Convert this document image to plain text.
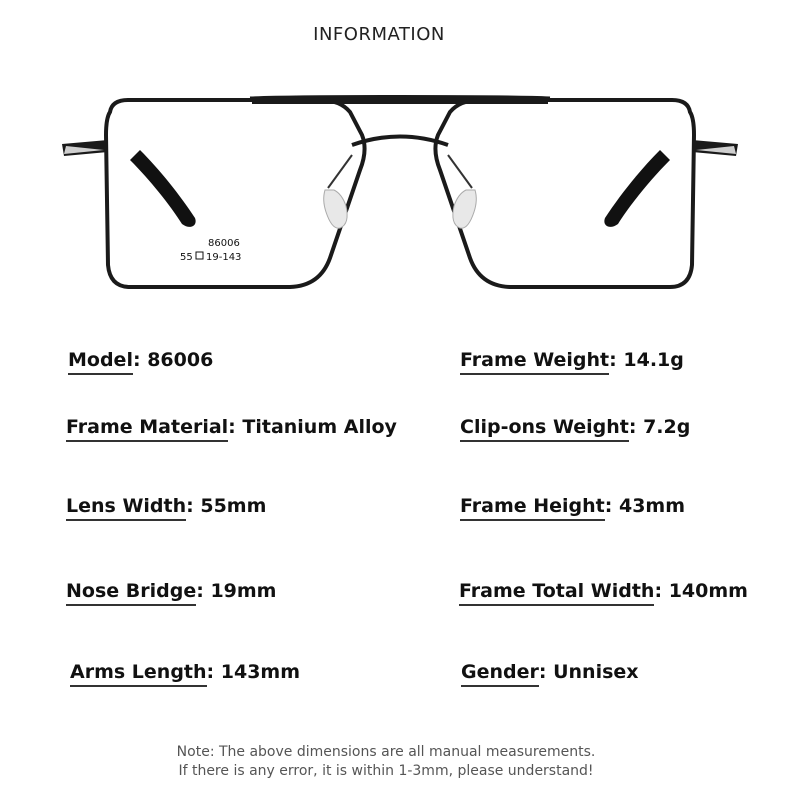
INFORMATION
86006
55 19-143
Model: 86006
Frame Material: Titanium Alloy
Lens Width: 55mm
Nose Bridge: 19mm
Arms Length: 143mm
Frame Weight: 14.1g
Clip-ons Weight: 7.2g
Frame Height: 43mm
Frame Total Width: 140mm
Gender: Unnisex
Note: The above dimensions are all manual measurements.
If there is any error, it is within 1-3mm, please understand!
